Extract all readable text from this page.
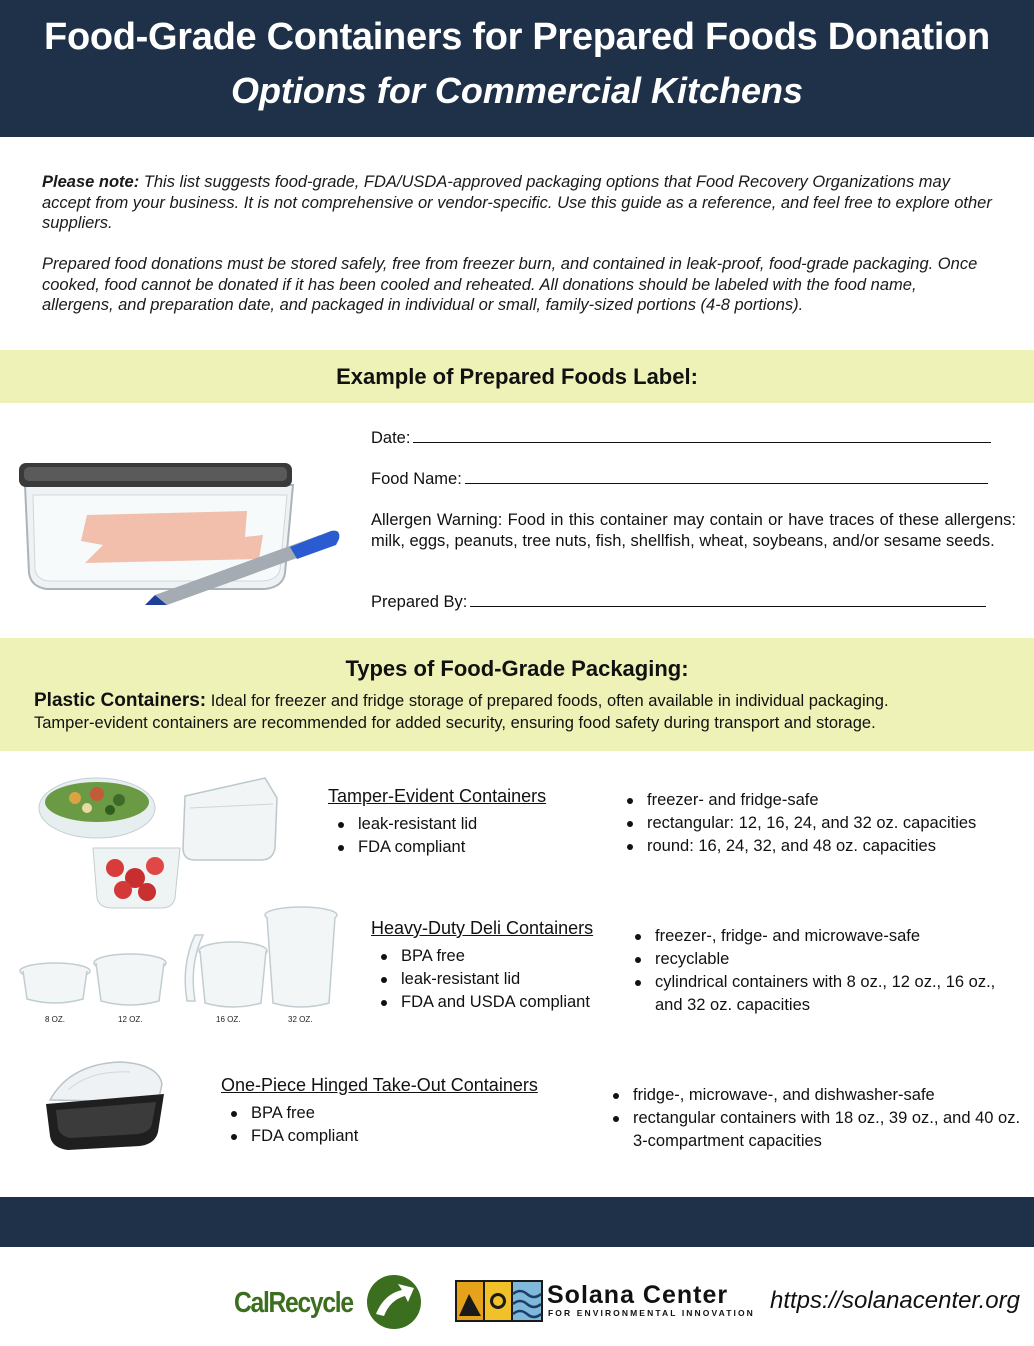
Food-Grade Containers for Prepared Foods Donation
Options for Commercial Kitchens
Please note: This list suggests food-grade, FDA/USDA-approved packaging options that Food Recovery Organizations may accept from your business. It is not comprehensive or vendor-specific. Use this guide as a reference, and feel free to explore other suppliers.
Prepared food donations must be stored safely, free from freezer burn, and contained in leak-proof, food-grade packaging. Once cooked, food cannot be donated if it has been cooled and reheated. All donations should be labeled with the food name, allergens, and preparation date, and packaged in individual or small, family-sized portions (4-8 portions).
Example of Prepared Foods Label:
Date:
Food Name:
Allergen Warning: Food in this container may contain or have traces of these allergens: milk, eggs, peanuts, tree nuts, fish, shellfish, wheat, soybeans, and/or sesame seeds.
Prepared By:
Types of Food-Grade Packaging:
Plastic Containers: Ideal for freezer and fridge storage of prepared foods, often available in individual packaging.
Tamper-evident containers are recommended for added security, ensuring food safety during transport and storage.
Tamper-Evident Containers
leak-resistant lid
FDA compliant
freezer- and fridge-safe
rectangular: 12, 16, 24, and 32 oz. capacities
round: 16, 24, 32, and 48 oz. capacities
8 OZ.	12 OZ.	16 OZ.	32 OZ.
Heavy-Duty Deli Containers
BPA free
leak-resistant lid
FDA and USDA compliant
freezer-, fridge- and microwave-safe
recyclable
cylindrical containers with 8 oz., 12 oz., 16 oz., and 32 oz. capacities
One-Piece Hinged Take-Out Containers
BPA free
FDA compliant
fridge-, microwave-, and dishwasher-safe
rectangular containers with 18 oz., 39 oz., and 40 oz. 3-compartment capacities
CalRecycle	Solana Center
FOR ENVIRONMENTAL INNOVATION https://solanacenter.org
